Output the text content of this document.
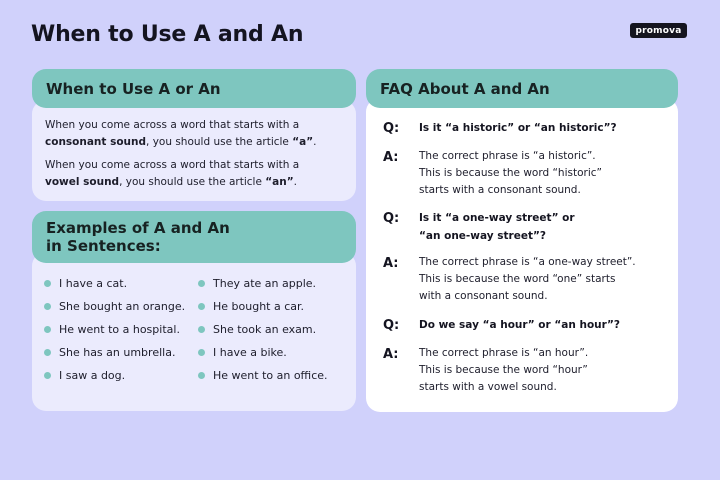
When to Use A and An	promova
When to Use A or An
When you come across a word that starts with a
consonant sound, you should use the article “a”.
When you come across a word that starts with a
vowel sound, you should use the article “an”.
Examples of A and An
in Sentences:
I have a cat.
She bought an orange.
He went to a hospital.
She has an umbrella.
I saw a dog.
They ate an apple.
He bought a car.
She took an exam.
I have a bike.
He went to an office.
FAQ About A and An
Q: Is it “a historic” or “an historic”?
A: The correct phrase is “a historic”.
This is because the word “historic”
starts with a consonant sound.
Q: Is it “a one-way street” or
“an one-way street”?
A: The correct phrase is “a one-way street”.
This is because the word “one” starts
with a consonant sound.
Q: Do we say “a hour” or “an hour”?
A: The correct phrase is “an hour”.
This is because the word “hour”
starts with a vowel sound.
